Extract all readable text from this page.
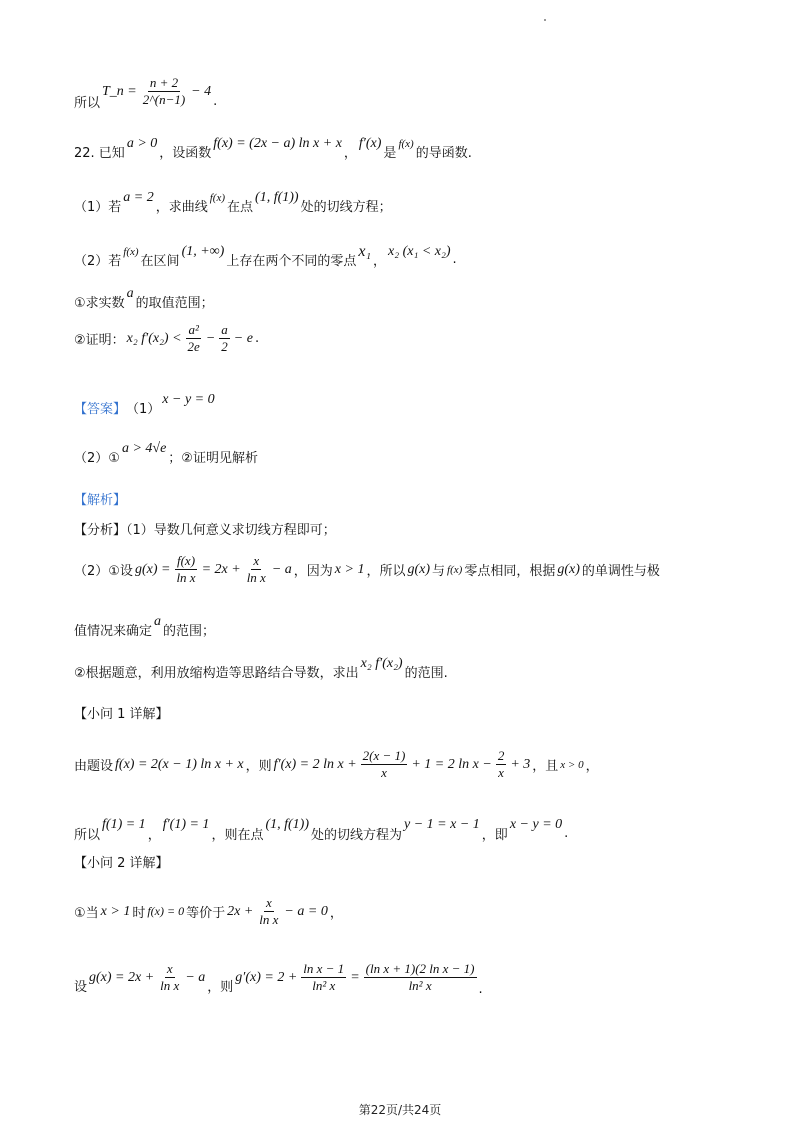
所以
T_n = $\frac{n + 2}{2\^{}(n-1)} - 4$
.
22. 已知
a > 0
，设函数
f(x) = (2x − a) ln x + x
，
f′(x)
是
f(x)
的导函数.
（1）若
a = 2
，求曲线
f(x)
在点
(1, f(1))
处的切线方程；
（2）若
f(x)
在区间
(1, +∞)
上存在两个不同的零点
x₁
，
x₂ (x₁ < x₂)
.
①求实数
a
的取值范围；
②证明： x₂ $f'(x_2) < \frac{\text{a²}}{2e} - \frac{a}{2} - e$ .
【答案】 （1）
x − y = 0
（2）①
a > 4√e
；②证明见解析
【解析】
【分析】（1）导数几何意义求切线方程即可；
（2）①设 $g(x) = \frac{f(x)}{\text{ln x}} = 2x + \frac{x}{\text{ln x}} - a$ ，因为 x > 1 ，所以 g(x) 与 f(x) 零点相同，根据 g(x) 的单调性与极
值情况来确定
a
的范围；
②根据题意，利用放缩构造等思路结合导数，求出
x₂ f′(x₂)
的范围.
【小问 1 详解】
由题设 f(x) = 2(x − 1) ln x + x ，则 f′(x) = 2 $\ln x + \frac{2(x - 1)}{x} + 1 = 2$ $\ln x - \frac{2}{x} + 3$ ，且 x > 0 ，
所以
f(1) = 1
，
f′(1) = 1
，则在点
(1, f(1))
处的切线方程为
y − 1 = x − 1
，即
x − y = 0
.
【小问 2 详解】
①当 x > 1 时 f(x) = 0 等价于 $2x + \frac{x}{\text{ln x}} - a = 0$ ，
设
$g(x) = 2x + \frac{x}{\text{ln x}} - a$
，则
$g'(x) = 2 + \frac{\text{ln x − 1}}{\text{ln² x}} = \frac{\text{(ln x + 1)(2 ln x − 1)}}{\text{ln² x}}$ .
第22页/共24页
